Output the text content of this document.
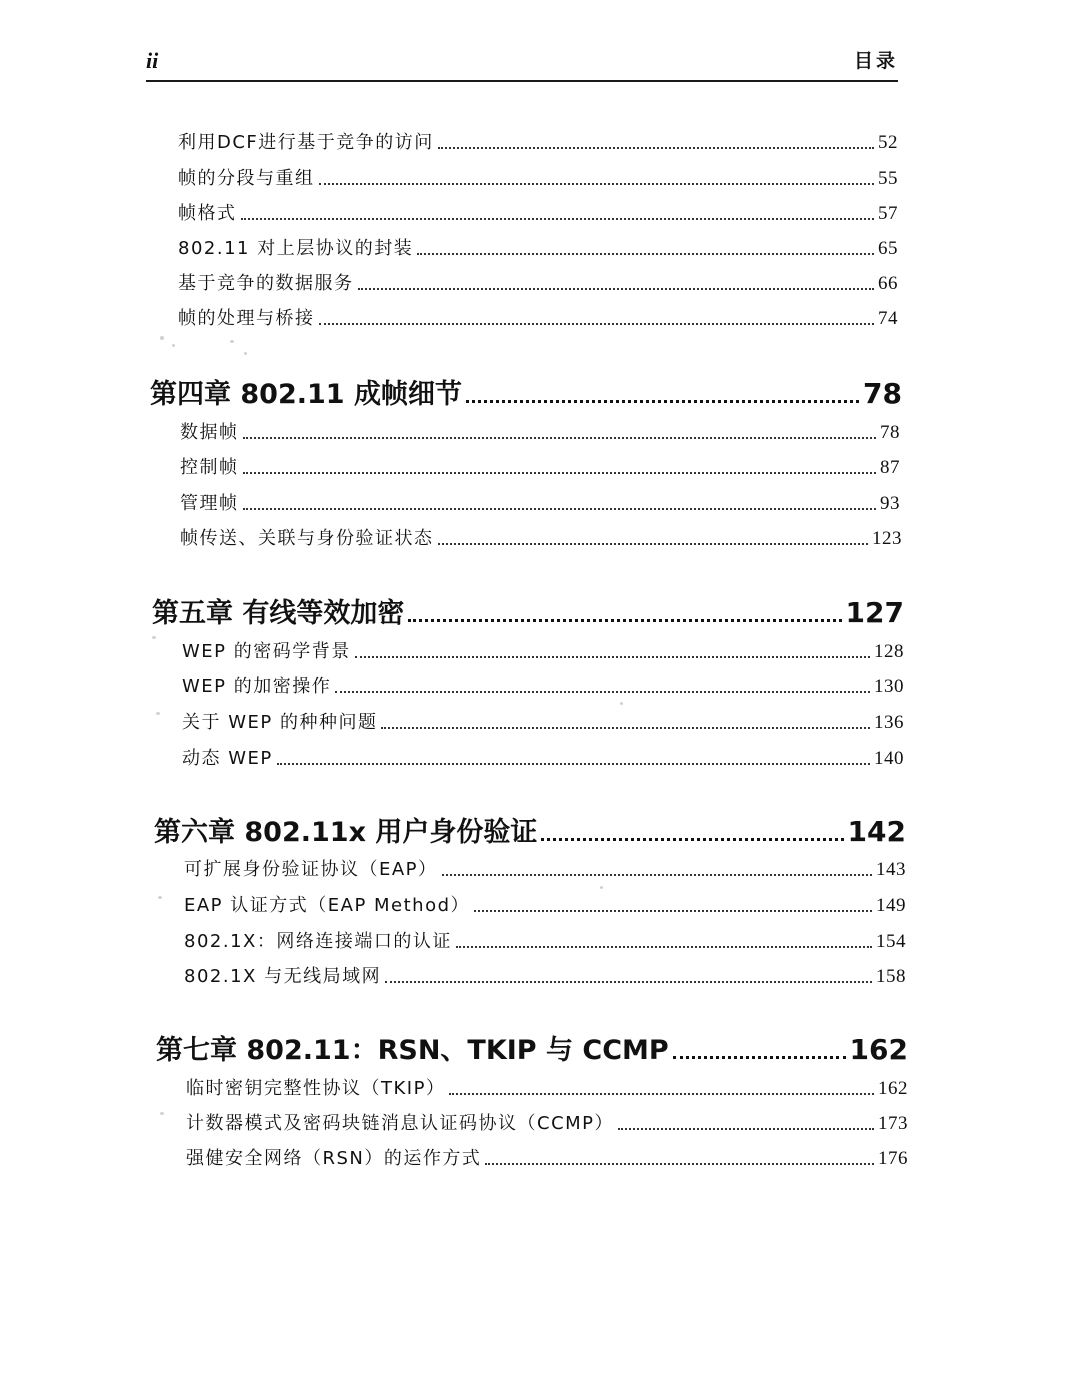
ii	目录
利用DCF进行基于竞争的访问	52
帧的分段与重组	55
帧格式	57
802.11 对上层协议的封装	65
基于竞争的数据服务	66
帧的处理与桥接	74
第四章 802.11 成帧细节	78
数据帧	78
控制帧	87
管理帧	93
帧传送、关联与身份验证状态	123
第五章 有线等效加密	127
WEP 的密码学背景	128
WEP 的加密操作	130
关于 WEP 的种种问题	136
动态 WEP	140
第六章 802.11x 用户身份验证	142
可扩展身份验证协议（EAP）	143
EAP 认证方式（EAP Method）	149
802.1X：网络连接端口的认证	154
802.1X 与无线局域网	158
第七章 802.11：RSN、TKIP 与 CCMP	162
临时密钥完整性协议（TKIP）	162
计数器模式及密码块链消息认证码协议（CCMP）	173
强健安全网络（RSN）的运作方式	176
